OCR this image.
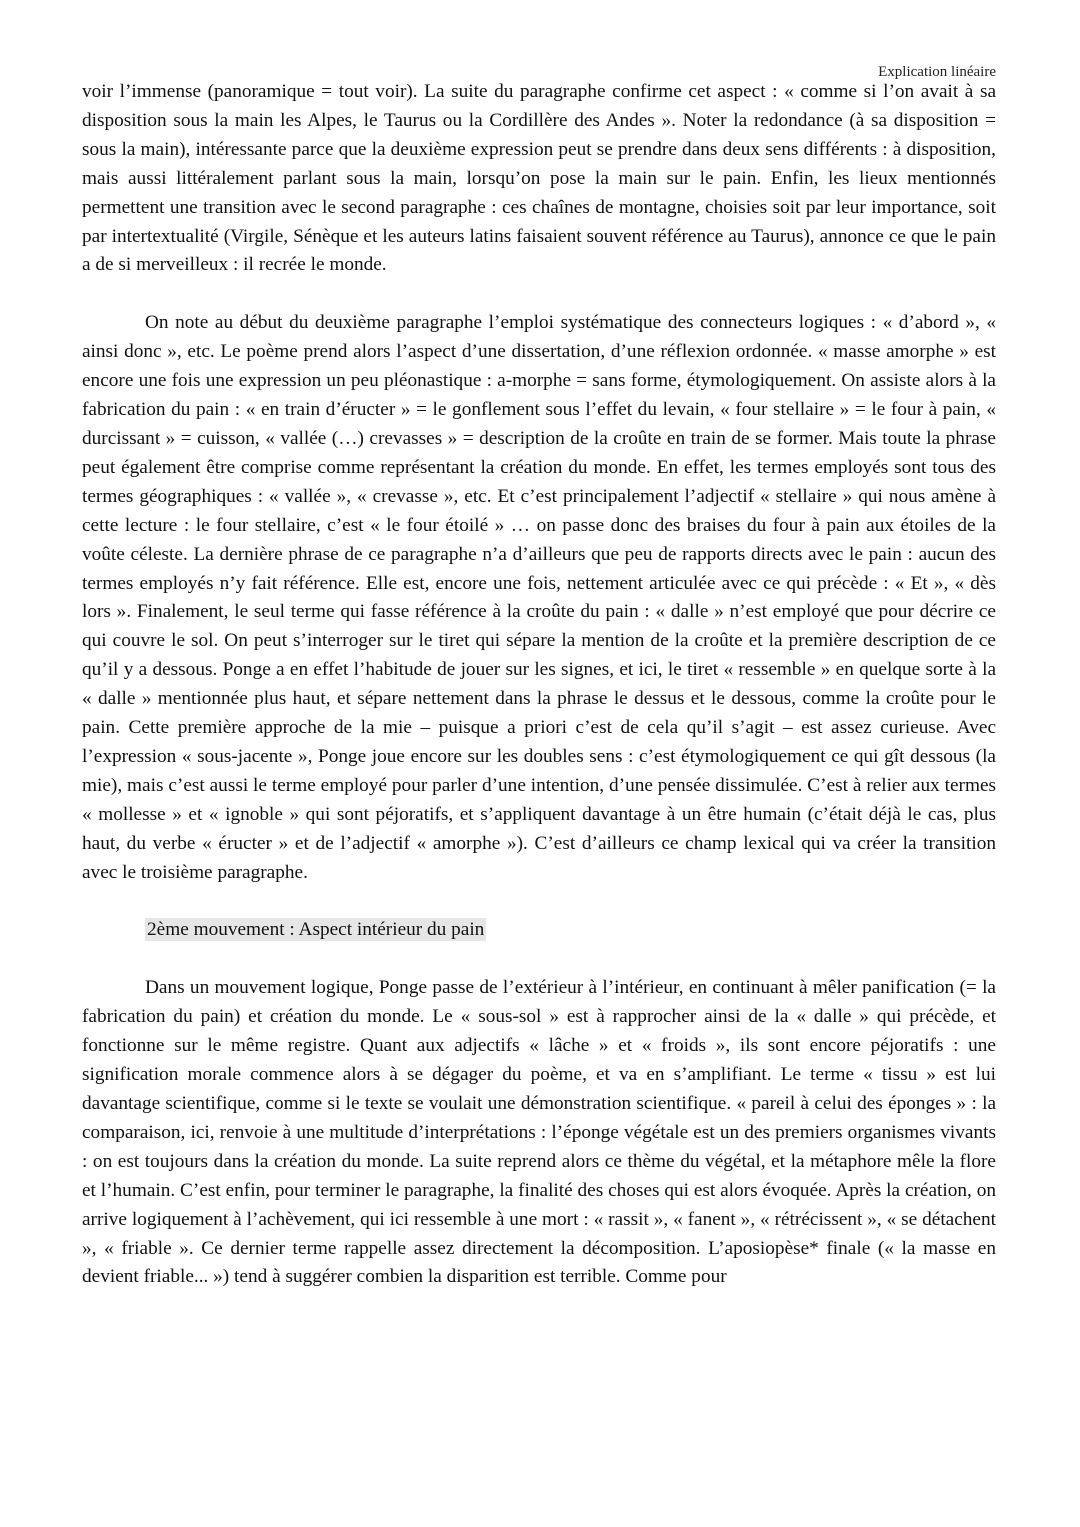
Explication linéaire

voir l’immense (panoramique = tout voir). La suite du paragraphe confirme cet aspect : « comme si l’on avait à sa disposition sous la main les Alpes, le Taurus ou la Cordillère des Andes ». Noter la redondance (à sa disposition = sous la main), intéressante parce que la deuxième expression peut se prendre dans deux sens différents : à disposition, mais aussi littéralement parlant sous la main, lorsqu’on pose la main sur le pain. Enfin, les lieux mentionnés permettent une transition avec le second paragraphe : ces chaînes de montagne, choisies soit par leur importance, soit par intertextualité (Virgile, Sénèque et les auteurs latins faisaient souvent référence au Taurus), annonce ce que le pain a de si merveilleux : il recrée le monde.

On note au début du deuxième paragraphe l’emploi systématique des connecteurs logiques : « d’abord », « ainsi donc », etc. Le poème prend alors l’aspect d’une dissertation, d’une réflexion ordonnée. « masse amorphe » est encore une fois une expression un peu pléonastique : a-morphe = sans forme, étymologiquement. On assiste alors à la fabrication du pain : « en train d’éructer » = le gonflement sous l’effet du levain, « four stellaire » = le four à pain, « durcissant » = cuisson, « vallée (…) crevasses » = description de la croûte en train de se former. Mais toute la phrase peut également être comprise comme représentant la création du monde. En effet, les termes employés sont tous des termes géographiques : « vallée », « crevasse », etc. Et c’est principalement l’adjectif « stellaire » qui nous amène à cette lecture : le four stellaire, c’est « le four étoilé » … on passe donc des braises du four à pain aux étoiles de la voûte céleste. La dernière phrase de ce paragraphe n’a d’ailleurs que peu de rapports directs avec le pain : aucun des termes employés n’y fait référence. Elle est, encore une fois, nettement articulée avec ce qui précède : « Et », « dès lors ». Finalement, le seul terme qui fasse référence à la croûte du pain : « dalle » n’est employé que pour décrire ce qui couvre le sol. On peut s’interroger sur le tiret qui sépare la mention de la croûte et la première description de ce qu’il y a dessous. Ponge a en effet l’habitude de jouer sur les signes, et ici, le tiret « ressemble » en quelque sorte à la « dalle » mentionnée plus haut, et sépare nettement dans la phrase le dessus et le dessous, comme la croûte pour le pain. Cette première approche de la mie – puisque a priori c’est de cela qu’il s’agit – est assez curieuse. Avec l’expression « sous-jacente », Ponge joue encore sur les doubles sens : c’est étymologiquement ce qui gît dessous (la mie), mais c’est aussi le terme employé pour parler d’une intention, d’une pensée dissimulée. C’est à relier aux termes « mollesse » et « ignoble » qui sont péjoratifs, et s’appliquent davantage à un être humain (c’était déjà le cas, plus haut, du verbe « éructer » et de l’adjectif « amorphe »). C’est d’ailleurs ce champ lexical qui va créer la transition avec le troisième paragraphe.

2ème mouvement : Aspect intérieur du pain

Dans un mouvement logique, Ponge passe de l’extérieur à l’intérieur, en continuant à mêler panification (= la fabrication du pain) et création du monde. Le « sous-sol » est à rapprocher ainsi de la « dalle » qui précède, et fonctionne sur le même registre. Quant aux adjectifs « lâche » et « froids », ils sont encore péjoratifs : une signification morale commence alors à se dégager du poème, et va en s’amplifiant. Le terme « tissu » est lui davantage scientifique, comme si le texte se voulait une démonstration scientifique. « pareil à celui des éponges » : la comparaison, ici, renvoie à une multitude d’interprétations : l’éponge végétale est un des premiers organismes vivants : on est toujours dans la création du monde. La suite reprend alors ce thème du végétal, et la métaphore mêle la flore et l’humain. C’est enfin, pour terminer le paragraphe, la finalité des choses qui est alors évoquée. Après la création, on arrive logiquement à l’achèvement, qui ici ressemble à une mort : « rassit », « fanent », « rétrécissent », « se détachent », « friable ». Ce dernier terme rappelle assez directement la décomposition. L’aposiopèse* finale (« la masse en devient friable... ») tend à suggérer combien la disparition est terrible. Comme pour
